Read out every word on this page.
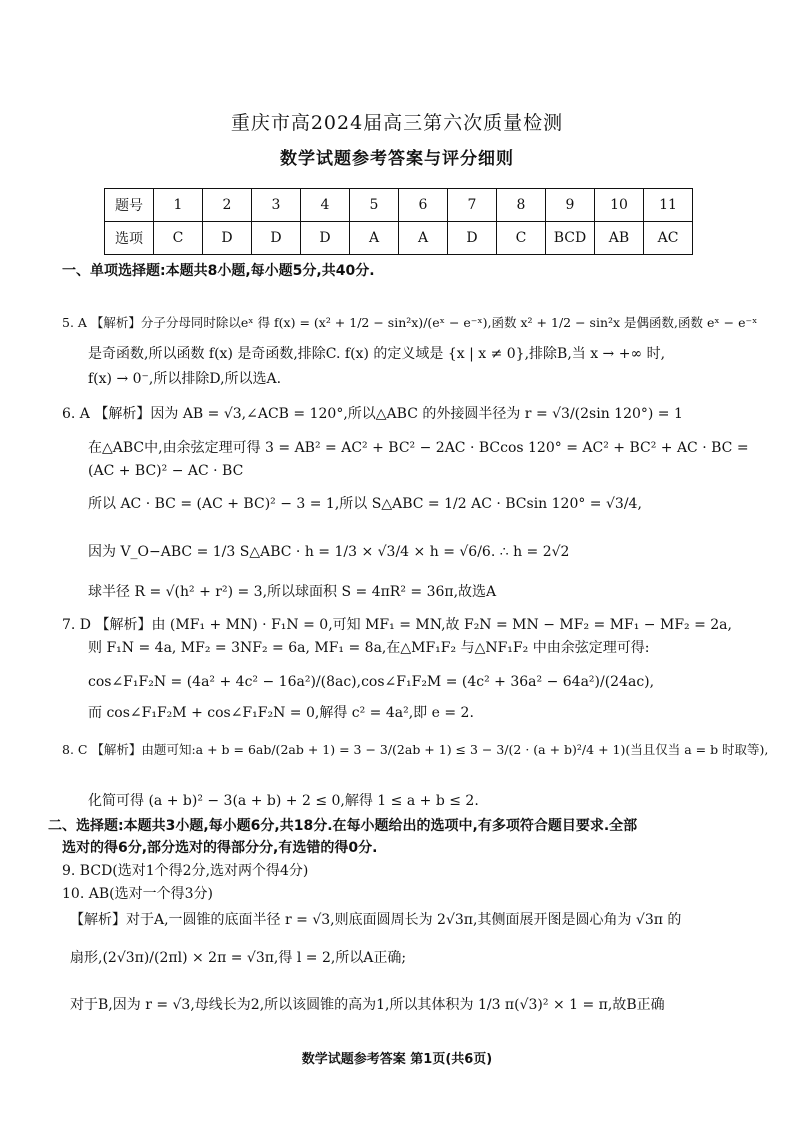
重庆市高2024届高三第六次质量检测
数学试题参考答案与评分细则
题号	1	2	3	4	5	6	7	8	9	10	11
选项	C	D	D	D	A	A	D	C	BCD	AB	AC
一、单项选择题:本题共8小题,每小题5分,共40分.
5. A 【解析】分子分母同时除以eˣ 得 f(x) = (x² + 1/2 − sin²x)/(eˣ − e⁻ˣ),函数 x² + 1/2 − sin²x 是偶函数,函数 eˣ − e⁻ˣ
是奇函数,所以函数 f(x) 是奇函数,排除C. f(x) 的定义域是 {x | x ≠ 0},排除B,当 x → +∞ 时,
f(x) → 0⁻,所以排除D,所以选A.
6. A 【解析】因为 AB = √3,∠ACB = 120°,所以△ABC 的外接圆半径为 r = √3/(2sin 120°) = 1
在△ABC中,由余弦定理可得 3 = AB² = AC² + BC² − 2AC · BCcos 120° = AC² + BC² + AC · BC =
(AC + BC)² − AC · BC
所以 AC · BC = (AC + BC)² − 3 = 1,所以 S△ABC = 1/2 AC · BCsin 120° = √3/4,
因为 V_O−ABC = 1/3 S△ABC · h = 1/3 × √3/4 × h = √6/6. ∴ h = 2√2
球半径 R = √(h² + r²) = 3,所以球面积 S = 4πR² = 36π,故选A
7. D 【解析】由 (MF₁ + MN) · F₁N = 0,可知 MF₁ = MN,故 F₂N = MN − MF₂ = MF₁ − MF₂ = 2a,
则 F₁N = 4a, MF₂ = 3NF₂ = 6a, MF₁ = 8a,在△MF₁F₂ 与△NF₁F₂ 中由余弦定理可得:
cos∠F₁F₂N = (4a² + 4c² − 16a²)/(8ac),cos∠F₁F₂M = (4c² + 36a² − 64a²)/(24ac),
而 cos∠F₁F₂M + cos∠F₁F₂N = 0,解得 c² = 4a²,即 e = 2.
8. C 【解析】由题可知:a + b = 6ab/(2ab + 1) = 3 − 3/(2ab + 1) ≤ 3 − 3/(2 · (a + b)²/4 + 1)(当且仅当 a = b 时取等),
化简可得 (a + b)² − 3(a + b) + 2 ≤ 0,解得 1 ≤ a + b ≤ 2.
二、选择题:本题共3小题,每小题6分,共18分.在每小题给出的选项中,有多项符合题目要求.全部
选对的得6分,部分选对的得部分分,有选错的得0分.
9. BCD(选对1个得2分,选对两个得4分)
10. AB(选对一个得3分)
【解析】对于A,一圆锥的底面半径 r = √3,则底面圆周长为 2√3π,其侧面展开图是圆心角为 √3π 的
扇形,(2√3π)/(2πl) × 2π = √3π,得 l = 2,所以A正确;
对于B,因为 r = √3,母线长为2,所以该圆锥的高为1,所以其体积为 1/3 π(√3)² × 1 = π,故B正确
数学试题参考答案 第1页(共6页)
